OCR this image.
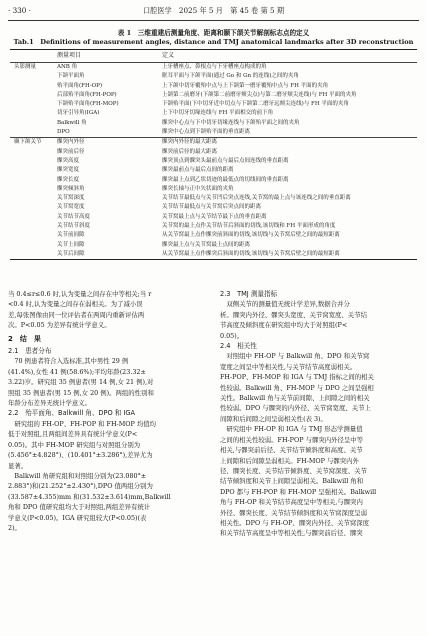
· 330 ·	口腔医学　2025 年 5 月　第 45 卷 第 5 期
表 1　三维重建后测量角度、距离和颞下颌关节解剖标志点的定义
Tab.1　Definitions of measurement angles, distance and TMJ anatomical landmarks after 3D reconstruction
测量项目	定义
头影测量	ANB 角	上牙槽座点、鼻根点与下牙槽座点构成的角
下颌平面角	眶耳平面与下颌平面(通过 Go 和 Gn 的连线)之间的夹角
殆平面角(FH-OP)	上下颌中切牙覆殆中点与上下颌第一磨牙覆殆中点与 FH 平面的夹角
后部殆平面角(FH-POP)	上颌第二前磨牙(下颌第二前磨牙颊尖点)与第二磨牙颊尖连线)与 FH 平面的夹角
下颌殆平面角(FH-MOP)	下颌殆平面(下中切牙近中切点与下颌第二磨牙远颊尖连线)与 FH 平面的夹角
切牙引导角(IGA)	上下中切牙切缘连线与 FH 平面相交的前下角
Balkwill 角	髁突中心点与下中切牙切缘连线与下颌殆平面之间的夹角
DPO	髁突中心点到下颌殆平面的垂直距离
颞下颌关节	髁突内外径	髁突内外径的最大距离
髁突前后径	髁突前后径的最大距离
髁突高度	髁突顶点到髁突头最前点与最后点间连线的垂直距离
髁突宽度	髁突最前点与最后点间的距离
髁突长度	髁突最上点到乙状切迹的最低点的切线间的垂直距离
髁突倾斜角	髁突长轴与正中矢状面的夹角
关节窝深度	关节结节最低点与关节凹后突点连线,关节窝的最上点与该连线之间的垂直距离
关节窝宽度	关节结节最低点与关节窝后突点间的距离
关节结节高度	关节窝最上点与关节结节最下点的垂直距离
关节结节斜度	关节窝的最上点作关节结节后斜面的切线,该切线和 FH 平面形成的角度
关节前间隙	从关节窝最上点作髁突前斜面的切线,该切线与关节窝后壁之间的最短距离
关节上间隙	髁突最上点与关节窝最上点间的距离
关节后间隙	从关节窝最上点作髁突后斜面的切线,该切线与关节窝后壁之间的最短距离

当 0.4≤r≤0.6 时,认为变量之间存在中等相关;当 r

<0.4 时,认为变量之间存在弱相关。为了减小误

差,每张图像由同一位评估者在两周内重新评估两

次。P<0.05 为差异有统计学意义。

2　结　果
2.1　患者分布

　70 例患者符合入选标准,其中男性 29 例

(41.4%),女性 41 例(58.6%);平均年龄(23.32±

3.22)岁。研究组 35 例患者(男 14 例,女 21 例),对

照组 35 例患者(男 15 例,女 20 例)。两组的性别和

年龄分布差异无统计学意义。

2.2　殆平面角、Balkwill 角、DPO 和 IGA

　研究组的 FH-OP、FH-POP 和 FH-MOP 均值均

低于对照组,且两组间差异具有统计学意义(P<

0.05)。其中 FH-MOP 研究组与对照组分别为

(5.456°±4.828°)、(10.401°±3.286°),差异尤为

显著。

　Balkwill 角研究组和对照组分别为(23.080°±

2.883°)和(21.252°±2.430°),DPO 值两组分别为

(33.587±4.355)mm 和(31.532±3.614)mm,Balkwill

角和 DPO 值研究组均大于对照组,两组差异有统计

学意义(P<0.05)。IGA 研究组较大(P<0.05)(表

2)。

2.3　TMJ 测量指标

　双侧关节的测量值无统计学差异,数据合并分

析。髁突内外径、髁突头宽度、关节窝宽度、关节结

节高度及倾斜度在研究组中均大于对照组(P<

0.05)。

2.4　相关性

　对照组中 FH-OP 与 Balkwill 角、DPO 和关节窝

宽度之间呈中等相关性,与关节结节高度弱相关。

FH-POP、FH-MOP 和 IGA 与 TMJ 指标之间的相关

性较弱。Balkwill 角、FH-MOP 与 DPO 之间呈强相

关性。Balkwill 角与关节前间隙、上间隙之间的相关

性较弱。DPO 与髁突的内外径、关节窝宽度、关节上

间隙和后间隙之间呈弱相关性(表 3)。

　研究组中 FH-OP 和 IGA 与 TMJ 形态学测量值

之间的相关性较弱。FH-POP 与髁突内外径呈中等

相关,与髁突前后径、关节结节倾斜度和高度、关节

上间隙和后间隙呈弱相关。FH-MOP 与髁突内外

径、髁突长度、关节结节倾斜度、关节窝深度、关节

结节倾斜度和关节上间隙呈弱相关。Balkwill 角和

DPO 都与 FH-POP 和 FH-MOP 呈强相关。Balkwill

角与 FH-OP 和关节结节高度呈中等相关,与髁突内

外径、髁突长度、关节结节倾斜度和关节窝深度呈弱

相关性。DPO 与 FH-OP、髁突内外径、关节窝深度

和关节结节高度呈中等相关性,与髁突前后径、髁突
